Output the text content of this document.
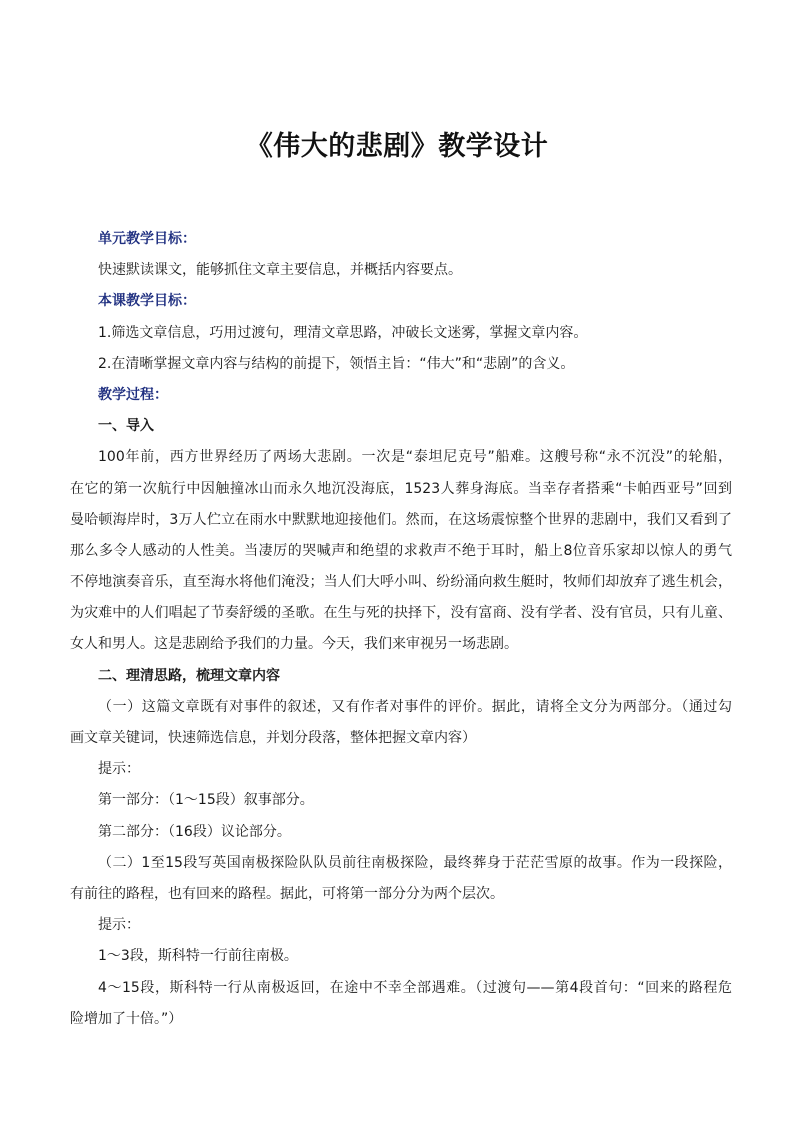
《伟大的悲剧》教学设计
单元教学目标：
快速默读课文，能够抓住文章主要信息，并概括内容要点。
本课教学目标：
1.筛选文章信息，巧用过渡句，理清文章思路，冲破长文迷雾，掌握文章内容。
2.在清晰掌握文章内容与结构的前提下，领悟主旨：“伟大”和“悲剧”的含义。
教学过程：
一、导入
100年前，西方世界经历了两场大悲剧。一次是“泰坦尼克号”船难。这艘号称“永不沉没”的轮船，
在它的第一次航行中因触撞冰山而永久地沉没海底，1523人葬身海底。当幸存者搭乘“卡帕西亚号”回到
曼哈顿海岸时，3万人伫立在雨水中默默地迎接他们。然而，在这场震惊整个世界的悲剧中，我们又看到了
那么多令人感动的人性美。当凄厉的哭喊声和绝望的求救声不绝于耳时，船上8位音乐家却以惊人的勇气
不停地演奏音乐，直至海水将他们淹没；当人们大呼小叫、纷纷涌向救生艇时，牧师们却放弃了逃生机会，
为灾难中的人们唱起了节奏舒缓的圣歌。在生与死的抉择下，没有富商、没有学者、没有官员，只有儿童、
女人和男人。这是悲剧给予我们的力量。今天，我们来审视另一场悲剧。
二、理清思路，梳理文章内容
（一）这篇文章既有对事件的叙述，又有作者对事件的评价。据此，请将全文分为两部分。（通过勾
画文章关键词，快速筛选信息，并划分段落，整体把握文章内容）
提示：
第一部分：（1～15段）叙事部分。
第二部分：（16段）议论部分。
（二）1至15段写英国南极探险队队员前往南极探险，最终葬身于茫茫雪原的故事。作为一段探险，
有前往的路程，也有回来的路程。据此，可将第一部分分为两个层次。
提示：
1～3段，斯科特一行前往南极。
4～15段，斯科特一行从南极返回，在途中不幸全部遇难。（过渡句——第4段首句：“回来的路程危
险增加了十倍。”）
